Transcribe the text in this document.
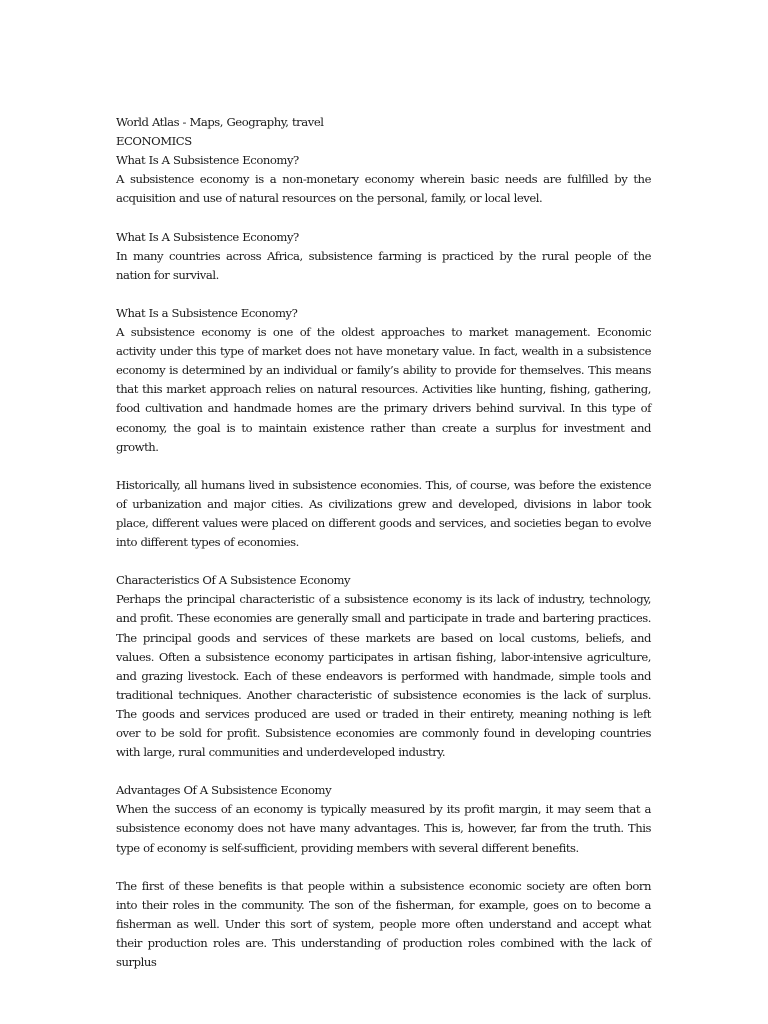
World Atlas - Maps, Geography, travel

ECONOMICS

What Is A Subsistence Economy?

A subsistence economy is a non-monetary economy wherein basic needs are fulfilled by the acquisition and use of natural resources on the personal, family, or local level.

What Is A Subsistence Economy?

In many countries across Africa, subsistence farming is practiced by the rural people of the nation for survival.

What Is a Subsistence Economy?

A subsistence economy is one of the oldest approaches to market management. Economic activity under this type of market does not have monetary value. In fact, wealth in a subsistence economy is determined by an individual or family’s ability to provide for themselves. This means that this market approach relies on natural resources. Activities like hunting, fishing, gathering, food cultivation and handmade homes are the primary drivers behind survival. In this type of economy, the goal is to maintain existence rather than create a surplus for investment and growth.

Historically, all humans lived in subsistence economies. This, of course, was before the existence of urbanization and major cities. As civilizations grew and developed, divisions in labor took place, different values were placed on different goods and services, and societies began to evolve into different types of economies.

Characteristics Of A Subsistence Economy

Perhaps the principal characteristic of a subsistence economy is its lack of industry, technology, and profit. These economies are generally small and participate in trade and bartering practices. The principal goods and services of these markets are based on local customs, beliefs, and values. Often a subsistence economy participates in artisan fishing, labor-intensive agriculture, and grazing livestock. Each of these endeavors is performed with handmade, simple tools and traditional techniques. Another characteristic of subsistence economies is the lack of surplus. The goods and services produced are used or traded in their entirety, meaning nothing is left over to be sold for profit. Subsistence economies are commonly found in developing countries with large, rural communities and underdeveloped industry.

Advantages Of A Subsistence Economy

When the success of an economy is typically measured by its profit margin, it may seem that a subsistence economy does not have many advantages. This is, however, far from the truth. This type of economy is self-sufficient, providing members with several different benefits.

The first of these benefits is that people within a subsistence economic society are often born into their roles in the community. The son of the fisherman, for example, goes on to become a fisherman as well. Under this sort of system, people more often understand and accept what their production roles are. This understanding of production roles combined with the lack of surplus
